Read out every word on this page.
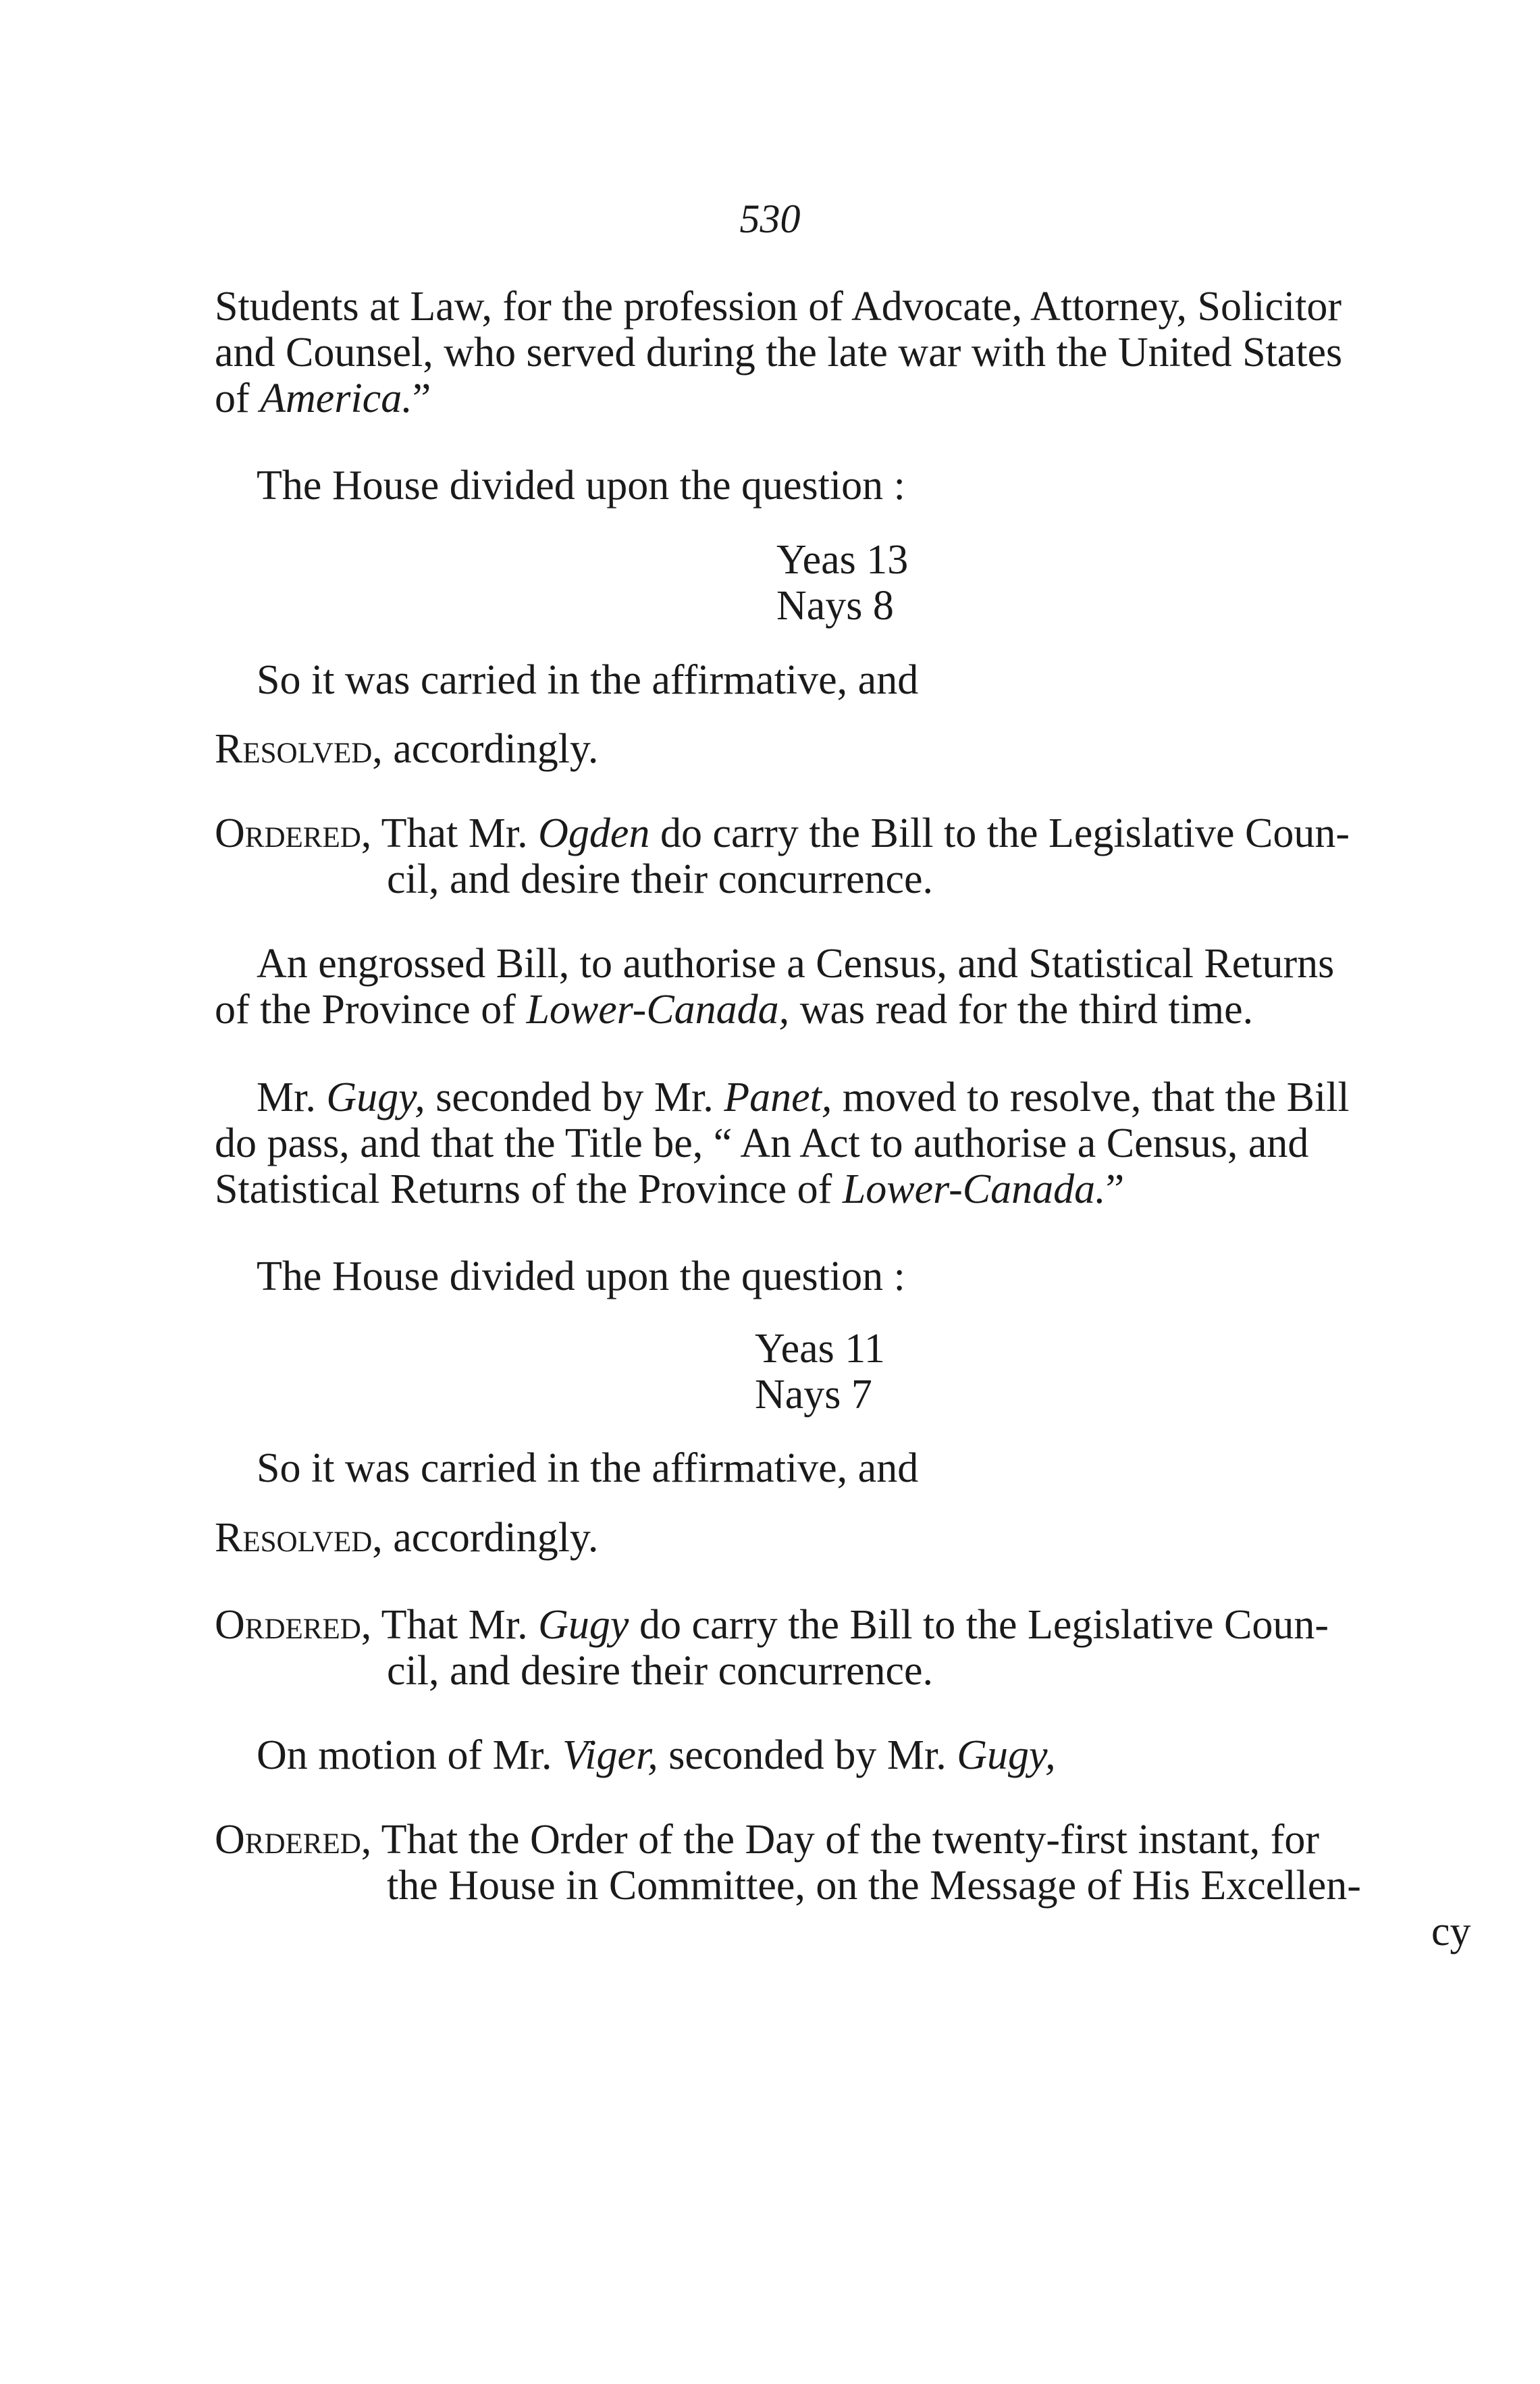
530
Students at Law, for the profession of Advocate, Attorney, Solicitor
and Counsel, who served during the late war with the United States
of America.”
The House divided upon the question :
Yeas 13
Nays 8
So it was carried in the affirmative, and
Resolved, accordingly.
Ordered, That Mr. Ogden do carry the Bill to the Legislative Coun-
cil, and desire their concurrence.
An engrossed Bill, to authorise a Census, and Statistical Returns
of the Province of Lower-Canada, was read for the third time.
Mr. Gugy, seconded by Mr. Panet, moved to resolve, that the Bill
do pass, and that the Title be, “ An Act to authorise a Census, and
Statistical Returns of the Province of Lower-Canada.”
The House divided upon the question :
Yeas 11
Nays 7
So it was carried in the affirmative, and
Resolved, accordingly.
Ordered, That Mr. Gugy do carry the Bill to the Legislative Coun-
cil, and desire their concurrence.
On motion of Mr. Viger, seconded by Mr. Gugy,
Ordered, That the Order of the Day of the twenty-first instant, for
the House in Committee, on the Message of His Excellen-
cy
